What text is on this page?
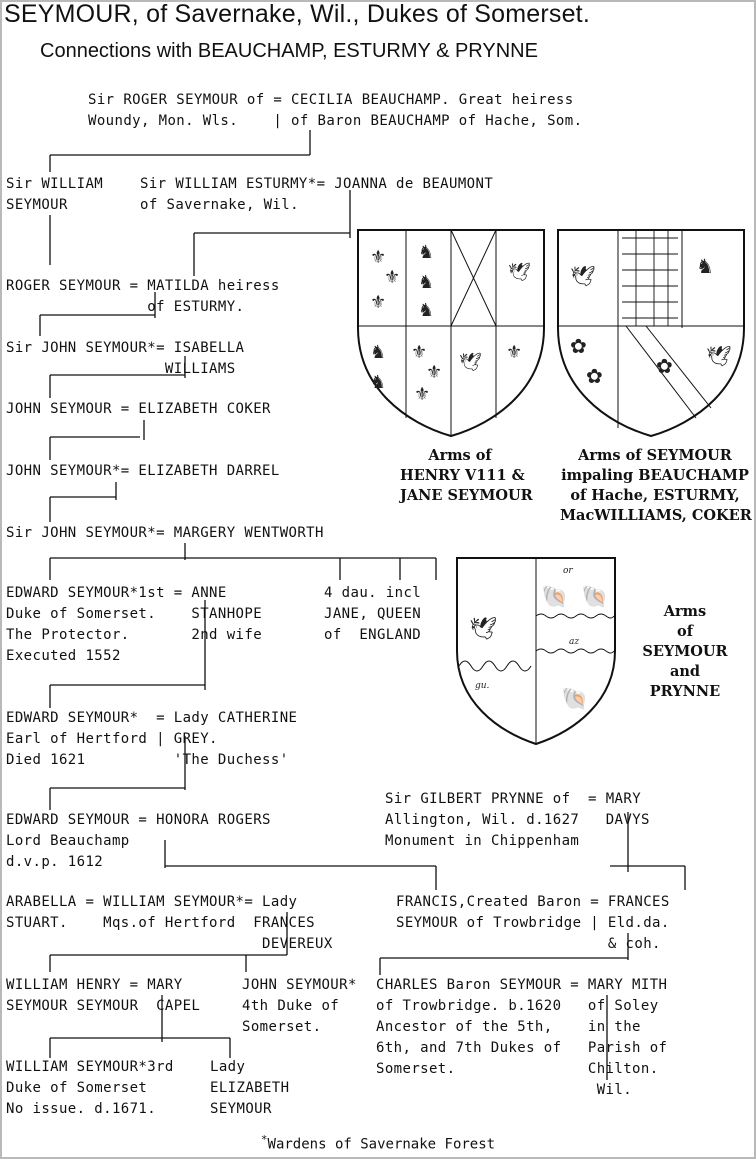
SEYMOUR, of Savernake, Wil., Dukes of Somerset.
Connections with BEAUCHAMP, ESTURMY & PRYNNE
Sir ROGER SEYMOUR of = CECILIA BEAUCHAMP. Great heiress
Woundy, Mon. Wls.    | of Baron BEAUCHAMP of Hache, Som.
Sir WILLIAM
SEYMOUR
Sir WILLIAM ESTURMY*= JOANNA de BEAUMONT
of Savernake, Wil.
ROGER SEYMOUR = MATILDA heiress
of ESTURMY.
Sir JOHN SEYMOUR*= ISABELLA
WILLIAMS
JOHN SEYMOUR = ELIZABETH COKER
JOHN SEYMOUR*= ELIZABETH DARREL
Sir JOHN SEYMOUR*= MARGERY WENTWORTH
EDWARD SEYMOUR*1st = ANNE
Duke of Somerset.    STANHOPE
The Protector.       2nd wife
Executed 1552
4 dau. incl
JANE, QUEEN
of  ENGLAND
EDWARD SEYMOUR*  = Lady CATHERINE
Earl of Hertford | GREY.
Died 1621          'The Duchess'
EDWARD SEYMOUR = HONORA ROGERS
Lord Beauchamp
d.v.p. 1612
Sir GILBERT PRYNNE of  = MARY
Allington, Wil. d.1627   DAVYS
Monument in Chippenham
ARABELLA = WILLIAM SEYMOUR*= Lady
STUART.    Mqs.of Hertford  FRANCES
DEVEREUX
FRANCIS,Created Baron = FRANCES
SEYMOUR of Trowbridge | Eld.da.
& coh.
WILLIAM HENRY = MARY
SEYMOUR SEYMOUR  CAPEL
JOHN SEYMOUR*
4th Duke of
Somerset.
CHARLES Baron SEYMOUR = MARY MITH
of Trowbridge. b.1620   of Soley
Ancestor of the 5th,    in the
6th, and 7th Dukes of   Parish of
Somerset.               Chilton.
Wil.
WILLIAM SEYMOUR*3rd
Duke of Somerset
No issue. d.1671.
Lady
ELIZABETH
SEYMOUR
⚜
⚜
⚜
♞
♞
♞
🕊
♞
♞
⚜
⚜
⚜
🕊 ⚜
🕊	♞
✿
✿	✿ 🕊
Arms of
HENRY V111 &
JANE SEYMOUR
Arms of SEYMOUR
impaling BEAUCHAMP
of Hache, ESTURMY,
MacWILLIAMS, COKER
🕊
🐚 🐚
🐚
or
az
gu.
Arms
of
SEYMOUR
and
PRYNNE
*Wardens of Savernake Forest
